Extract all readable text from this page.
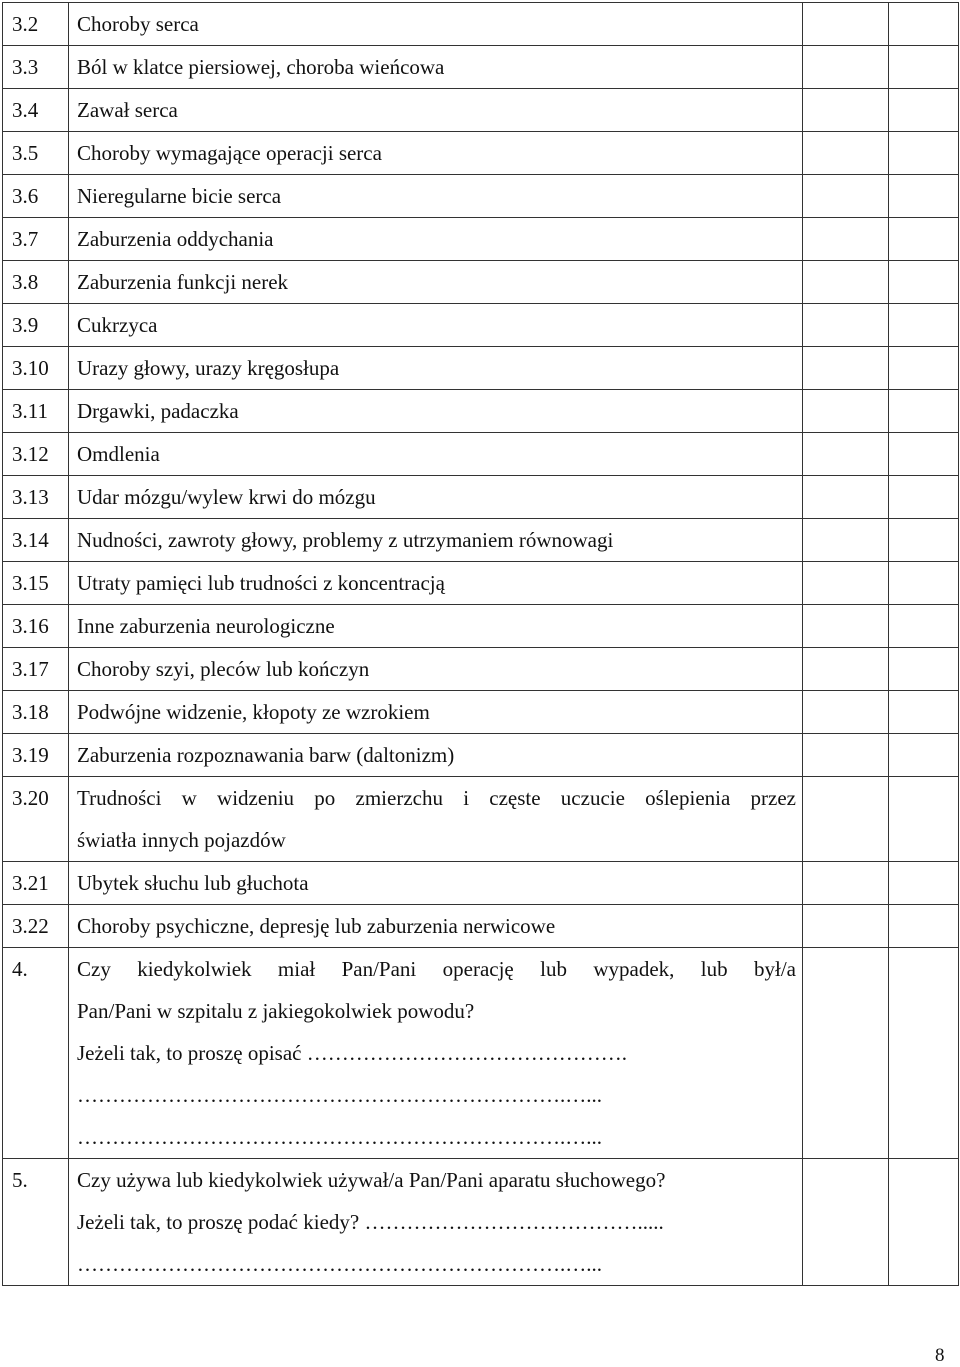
3.2	Choroby serca		
3.3	Ból w klatce piersiowej, choroba wieńcowa		
3.4	Zawał serca		
3.5	Choroby wymagające operacji serca		
3.6	Nieregularne bicie serca		
3.7	Zaburzenia oddychania		
3.8	Zaburzenia funkcji nerek		
3.9	Cukrzyca		
3.10	Urazy głowy, urazy kręgosłupa		
3.11	Drgawki, padaczka		
3.12	Omdlenia		
3.13	Udar mózgu/wylew krwi do mózgu		
3.14	Nudności, zawroty głowy, problemy z utrzymaniem równowagi		
3.15	Utraty pamięci lub trudności z koncentracją		
3.16	Inne zaburzenia neurologiczne		
3.17	Choroby szyi, pleców lub kończyn		
3.18	Podwójne widzenie, kłopoty ze wzrokiem		
3.19	Zaburzenia rozpoznawania barw (daltonizm)		
3.20	Trudności w widzeniu po zmierzchu i częste uczucie oślepienia przez
światła innych pojazdów		

3.21	Ubytek słuchu lub głuchota		
3.22	Choroby psychiczne, depresję lub zaburzenia nerwicowe		
4.	Czy kiedykolwiek miał Pan/Pani operację lub wypadek, lub był/a
Pan/Pani w szpitalu z jakiegokolwiek powodu?
Jeżeli tak, to proszę opisać ……………………………………….
…………………………………………………………….…...
…………………………………………………………….…...		

5.	Czy używa lub kiedykolwiek używał/a Pan/Pani aparatu słuchowego?
Jeżeli tak, to proszę podać kiedy? ………………………………….....
…………………………………………………………….…...		

8
